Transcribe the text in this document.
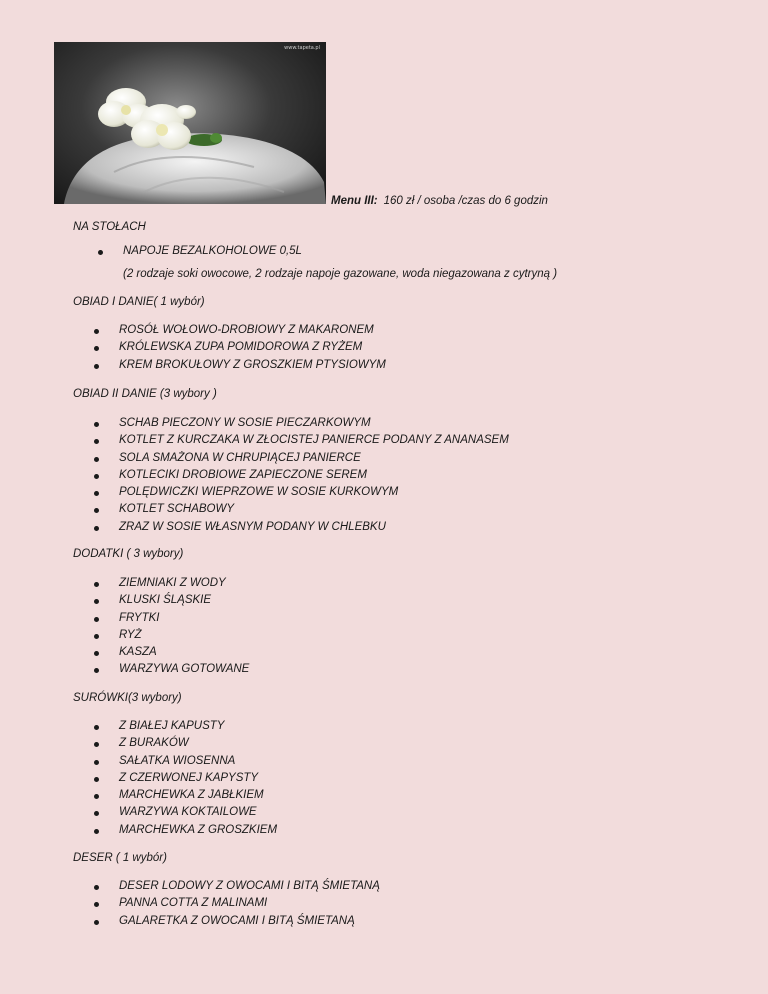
www.tapeta.pl
Menu III: 160 zł / osoba /czas do 6 godzin
NA STOŁACH
NAPOJE BEZALKOHOLOWE 0,5L
(2 rodzaje soki owocowe, 2 rodzaje napoje gazowane, woda niegazowana z cytryną )
OBIAD I DANIE( 1 wybór)
ROSÓŁ WOŁOWO-DROBIOWY Z MAKARONEM
KRÓLEWSKA ZUPA POMIDOROWA Z RYŻEM
KREM BROKUŁOWY Z GROSZKIEM PTYSIOWYM
OBIAD II DANIE (3 wybory )
SCHAB PIECZONY W SOSIE PIECZARKOWYM
KOTLET Z KURCZAKA W ZŁOCISTEJ PANIERCE PODANY Z ANANASEM
SOLA SMAŻONA W CHRUPIĄCEJ PANIERCE
KOTLECIKI DROBIOWE ZAPIECZONE SEREM
POLĘDWICZKI WIEPRZOWE W SOSIE KURKOWYM
KOTLET SCHABOWY
ZRAZ W SOSIE WŁASNYM PODANY W CHLEBKU
DODATKI ( 3 wybory)
ZIEMNIAKI Z WODY
KLUSKI ŚLĄSKIE
FRYTKI
RYŻ
KASZA
WARZYWA GOTOWANE
SURÓWKI(3 wybory)
Z BIAŁEJ KAPUSTY
Z BURAKÓW
SAŁATKA WIOSENNA
Z CZERWONEJ KAPYSTY
MARCHEWKA Z JABŁKIEM
WARZYWA KOKTAILOWE
MARCHEWKA Z GROSZKIEM
DESER ( 1 wybór)
DESER LODOWY Z OWOCAMI I BITĄ ŚMIETANĄ
PANNA COTTA Z MALINAMI
GALARETKA Z OWOCAMI I BITĄ ŚMIETANĄ
